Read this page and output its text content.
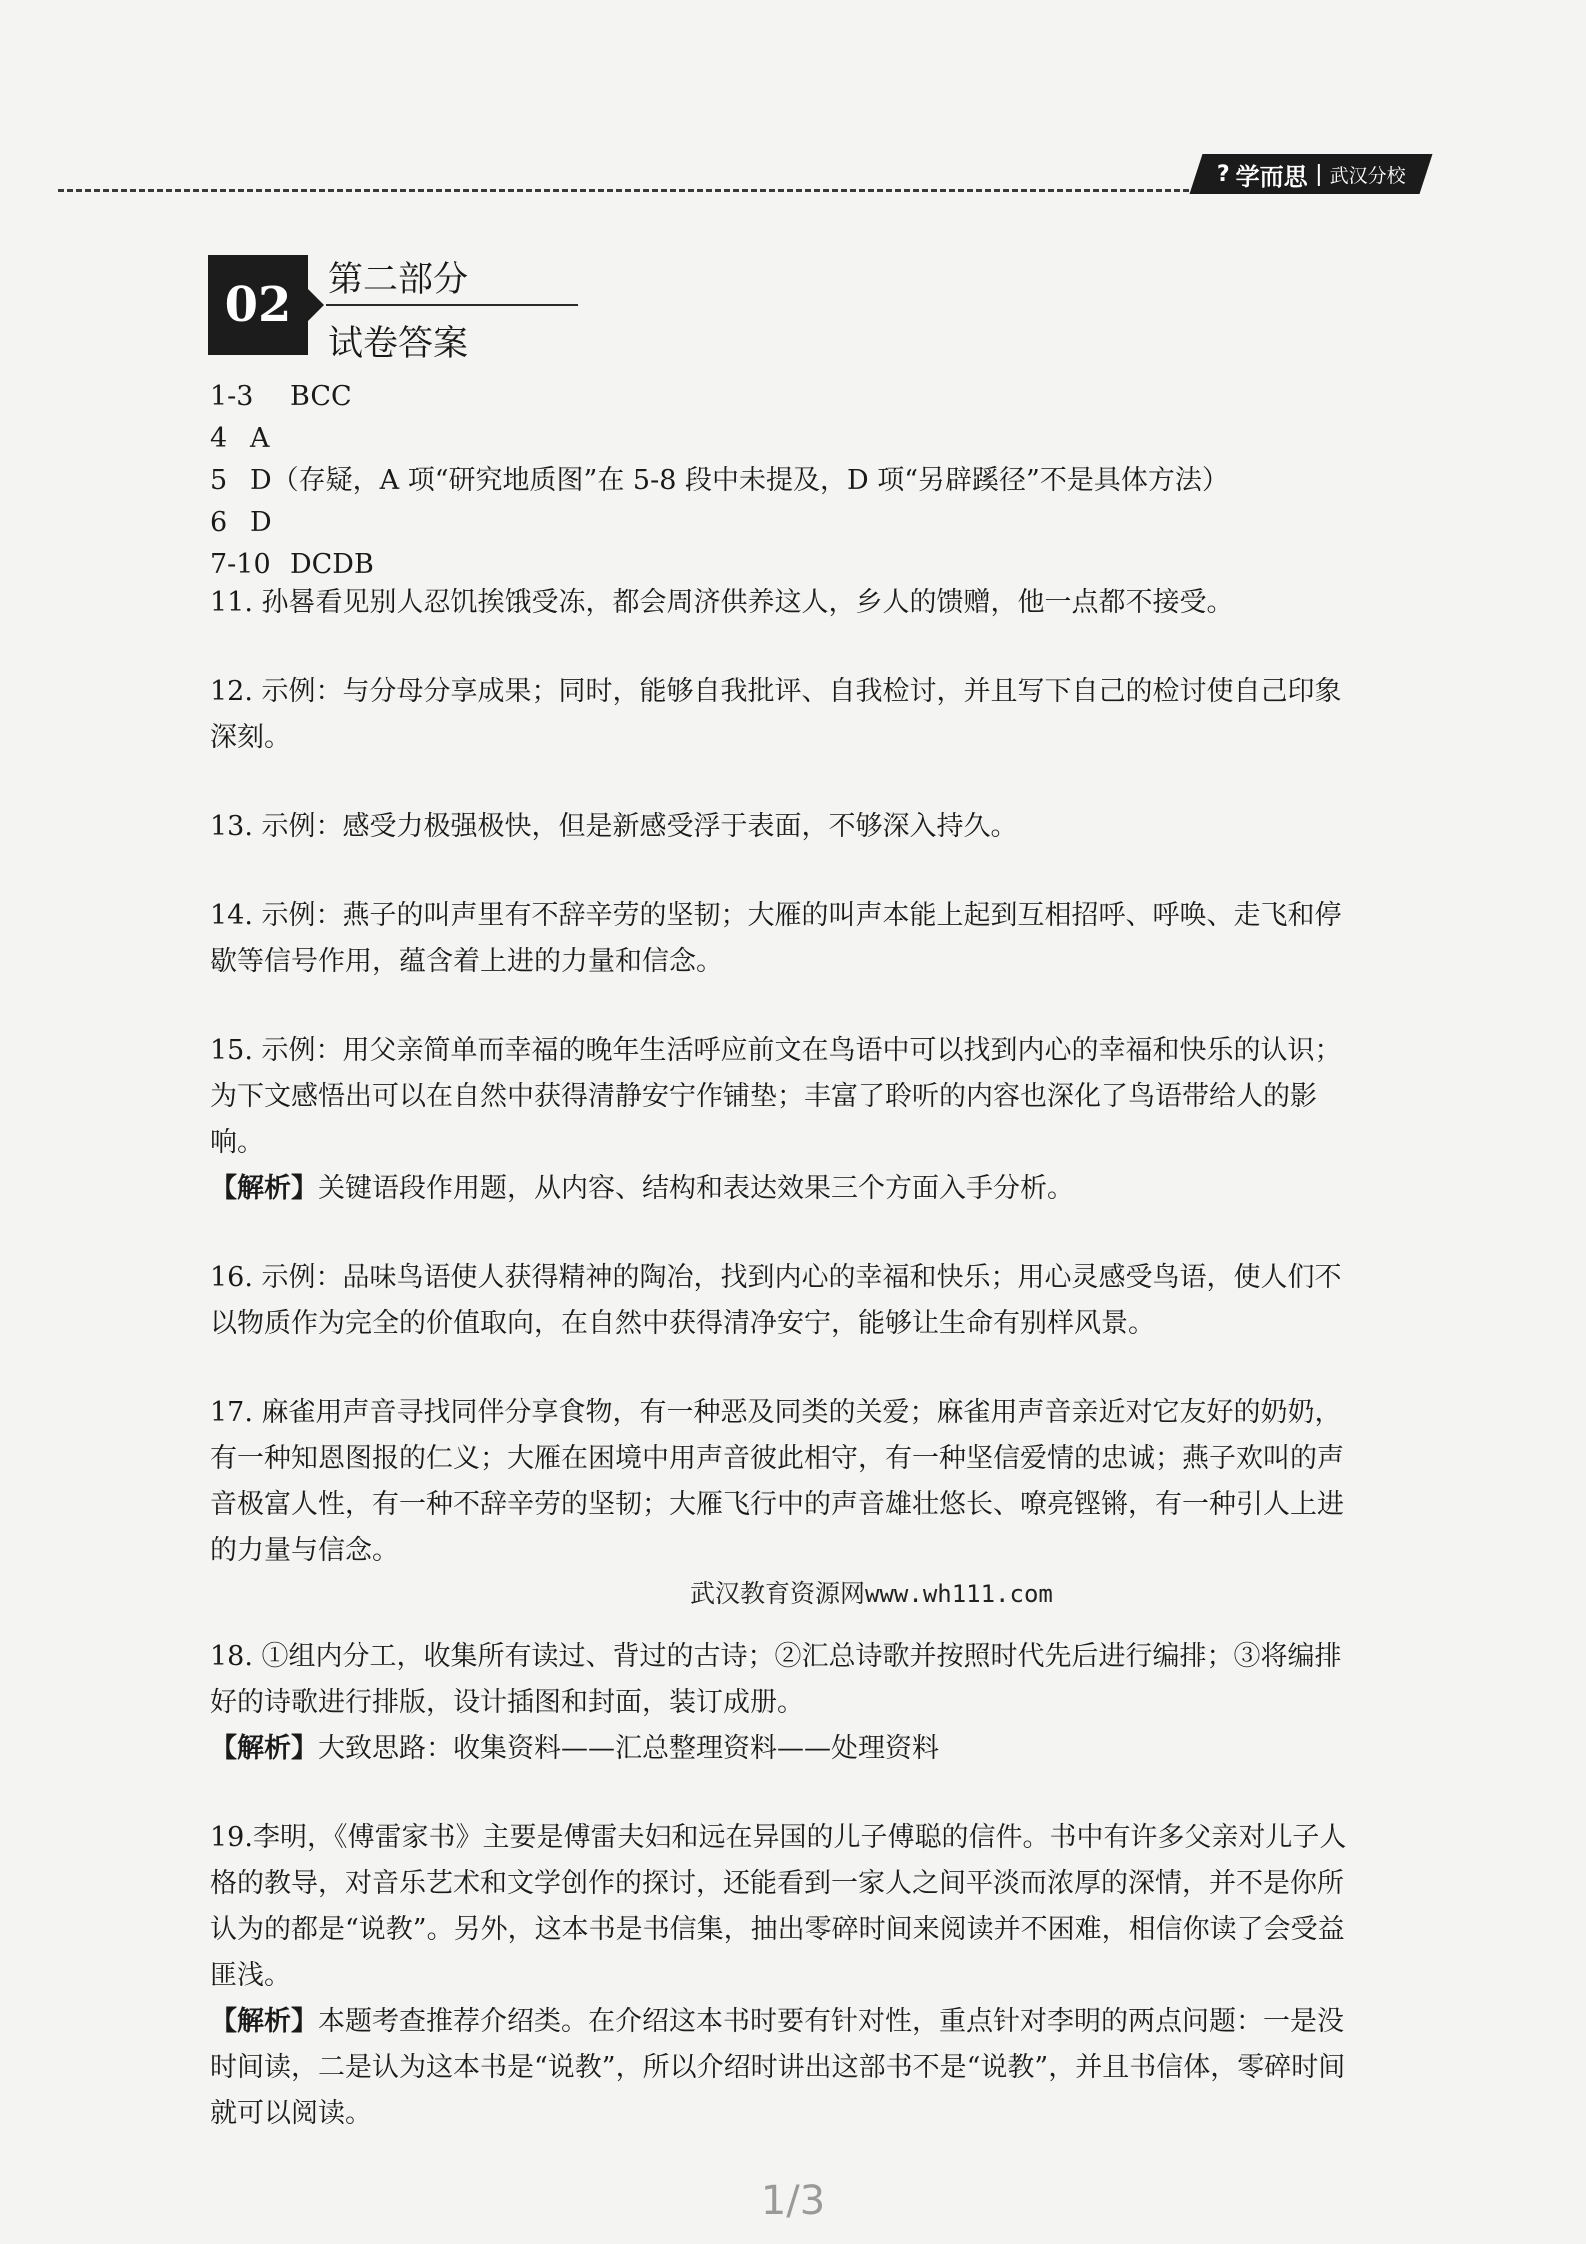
? 学而思 武汉分校
02	第二部分
试卷答案
1-3 BCC
4 A
5 D（存疑，A 项“研究地质图”在 5-8 段中未提及，D 项“另辟蹊径”不是具体方法）
6 D
7-10 DCDB

11. 孙晷看见别人忍饥挨饿受冻，都会周济供养这人，乡人的馈赠，他一点都不接受。

12. 示例：与分母分享成果；同时，能够自我批评、自我检讨，并且写下自己的检讨使自己印象深刻。

13. 示例：感受力极强极快，但是新感受浮于表面，不够深入持久。

14. 示例：燕子的叫声里有不辞辛劳的坚韧；大雁的叫声本能上起到互相招呼、呼唤、走飞和停歇等信号作用，蕴含着上进的力量和信念。

15. 示例：用父亲简单而幸福的晚年生活呼应前文在鸟语中可以找到内心的幸福和快乐的认识；为下文感悟出可以在自然中获得清静安宁作铺垫；丰富了聆听的内容也深化了鸟语带给人的影响。

【解析】关键语段作用题，从内容、结构和表达效果三个方面入手分析。

16. 示例：品味鸟语使人获得精神的陶冶，找到内心的幸福和快乐；用心灵感受鸟语，使人们不以物质作为完全的价值取向，在自然中获得清净安宁，能够让生命有别样风景。

17. 麻雀用声音寻找同伴分享食物，有一种恶及同类的关爱；麻雀用声音亲近对它友好的奶奶，有一种知恩图报的仁义；大雁在困境中用声音彼此相守，有一种坚信爱情的忠诚；燕子欢叫的声音极富人性，有一种不辞辛劳的坚韧；大雁飞行中的声音雄壮悠长、嘹亮铿锵，有一种引人上进的力量与信念。

18. ①组内分工，收集所有读过、背过的古诗；②汇总诗歌并按照时代先后进行编排；③将编排好的诗歌进行排版，设计插图和封面，装订成册。

【解析】大致思路：收集资料——汇总整理资料——处理资料

19.李明，《傅雷家书》主要是傅雷夫妇和远在异国的儿子傅聪的信件。书中有许多父亲对儿子人格的教导，对音乐艺术和文学创作的探讨，还能看到一家人之间平淡而浓厚的深情，并不是你所认为的都是“说教”。另外，这本书是书信集，抽出零碎时间来阅读并不困难，相信你读了会受益匪浅。

【解析】本题考查推荐介绍类。在介绍这本书时要有针对性，重点针对李明的两点问题：一是没时间读，二是认为这本书是“说教”，所以介绍时讲出这部书不是“说教”，并且书信体，零碎时间就可以阅读。

武汉教育资源网www.wh111.com
1/3
